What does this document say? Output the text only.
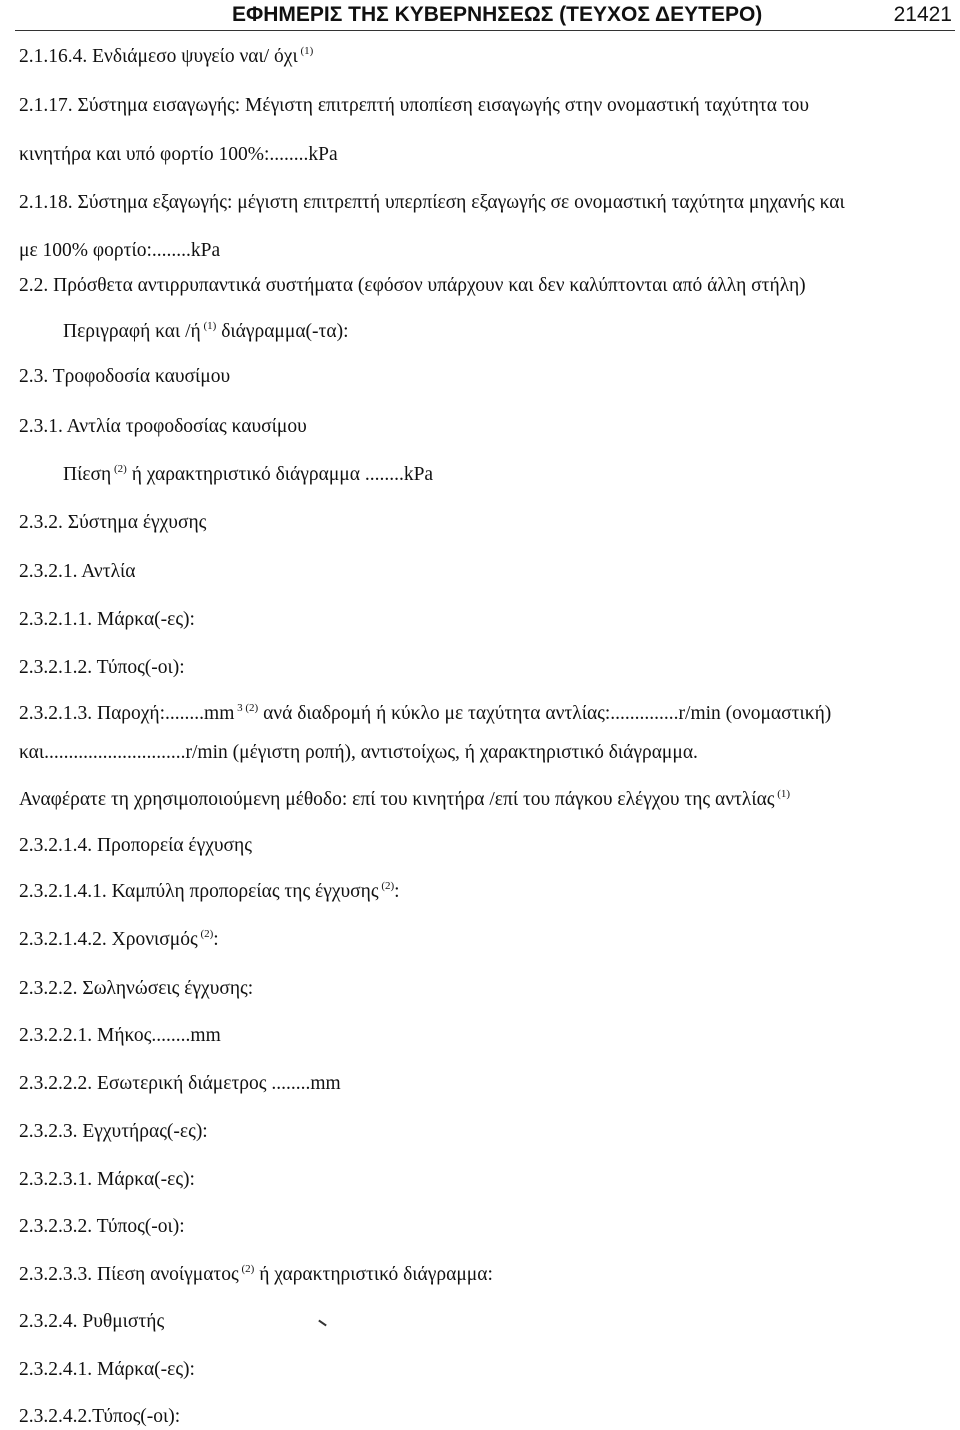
ΕΦΗΜΕΡΙΣ ΤΗΣ ΚΥΒΕΡΝΗΣΕΩΣ (ΤΕΥΧΟΣ ΔΕΥΤΕΡΟ)	21421
2.1.16.4. Ενδιάμεσο ψυγείο ναι/ όχι $^{(1)}$
2.1.17. Σύστημα εισαγωγής: Μέγιστη επιτρεπτή υποπίεση εισαγωγής στην ονομαστική ταχύτητα του
κινητήρα και υπό φορτίο 100%:........kPa
2.1.18. Σύστημα εξαγωγής: μέγιστη επιτρεπτή υπερπίεση εξαγωγής σε ονομαστική ταχύτητα μηχανής και
με 100% φορτίο:........kPa
2.2. Πρόσθετα αντιρρυπαντικά συστήματα (εφόσον υπάρχουν και δεν καλύπτονται από άλλη στήλη)
Περιγραφή και /ή $^{(1)}$ διάγραμμα(-τα):
2.3. Τροφοδοσία καυσίμου
2.3.1. Αντλία τροφοδοσίας καυσίμου
Πίεση $^{(2)}$ ή χαρακτηριστικό διάγραμμα ........kPa
2.3.2. Σύστημα έγχυσης
2.3.2.1. Αντλία
2.3.2.1.1. Μάρκα(-ες):
2.3.2.1.2. Τύπος(-οι):
2.3.2.1.3. Παροχή:........mm $^{3 (2)}$ ανά διαδρομή ή κύκλο με ταχύτητα αντλίας:..............r/min (ονομαστική)
και.............................r/min (μέγιστη ροπή), αντιστοίχως, ή χαρακτηριστικό διάγραμμα.
Αναφέρατε τη χρησιμοποιούμενη μέθοδο: επί του κινητήρα /επί του πάγκου ελέγχου της αντλίας $^{(1)}$
2.3.2.1.4. Προπορεία έγχυσης
2.3.2.1.4.1. Καμπύλη προπορείας της έγχυσης $^{(2)}$:
2.3.2.1.4.2. Χρονισμός $^{(2)}$:
2.3.2.2. Σωληνώσεις έγχυσης:
2.3.2.2.1. Μήκος........mm
2.3.2.2.2. Εσωτερική διάμετρος ........mm
2.3.2.3. Εγχυτήρας(-ες):
2.3.2.3.1. Μάρκα(-ες):
2.3.2.3.2. Τύπος(-οι):
2.3.2.3.3. Πίεση ανοίγματος $^{(2)}$ ή χαρακτηριστικό διάγραμμα:
2.3.2.4. Ρυθμιστής
2.3.2.4.1. Μάρκα(-ες):
2.3.2.4.2.Τύπος(-οι):
